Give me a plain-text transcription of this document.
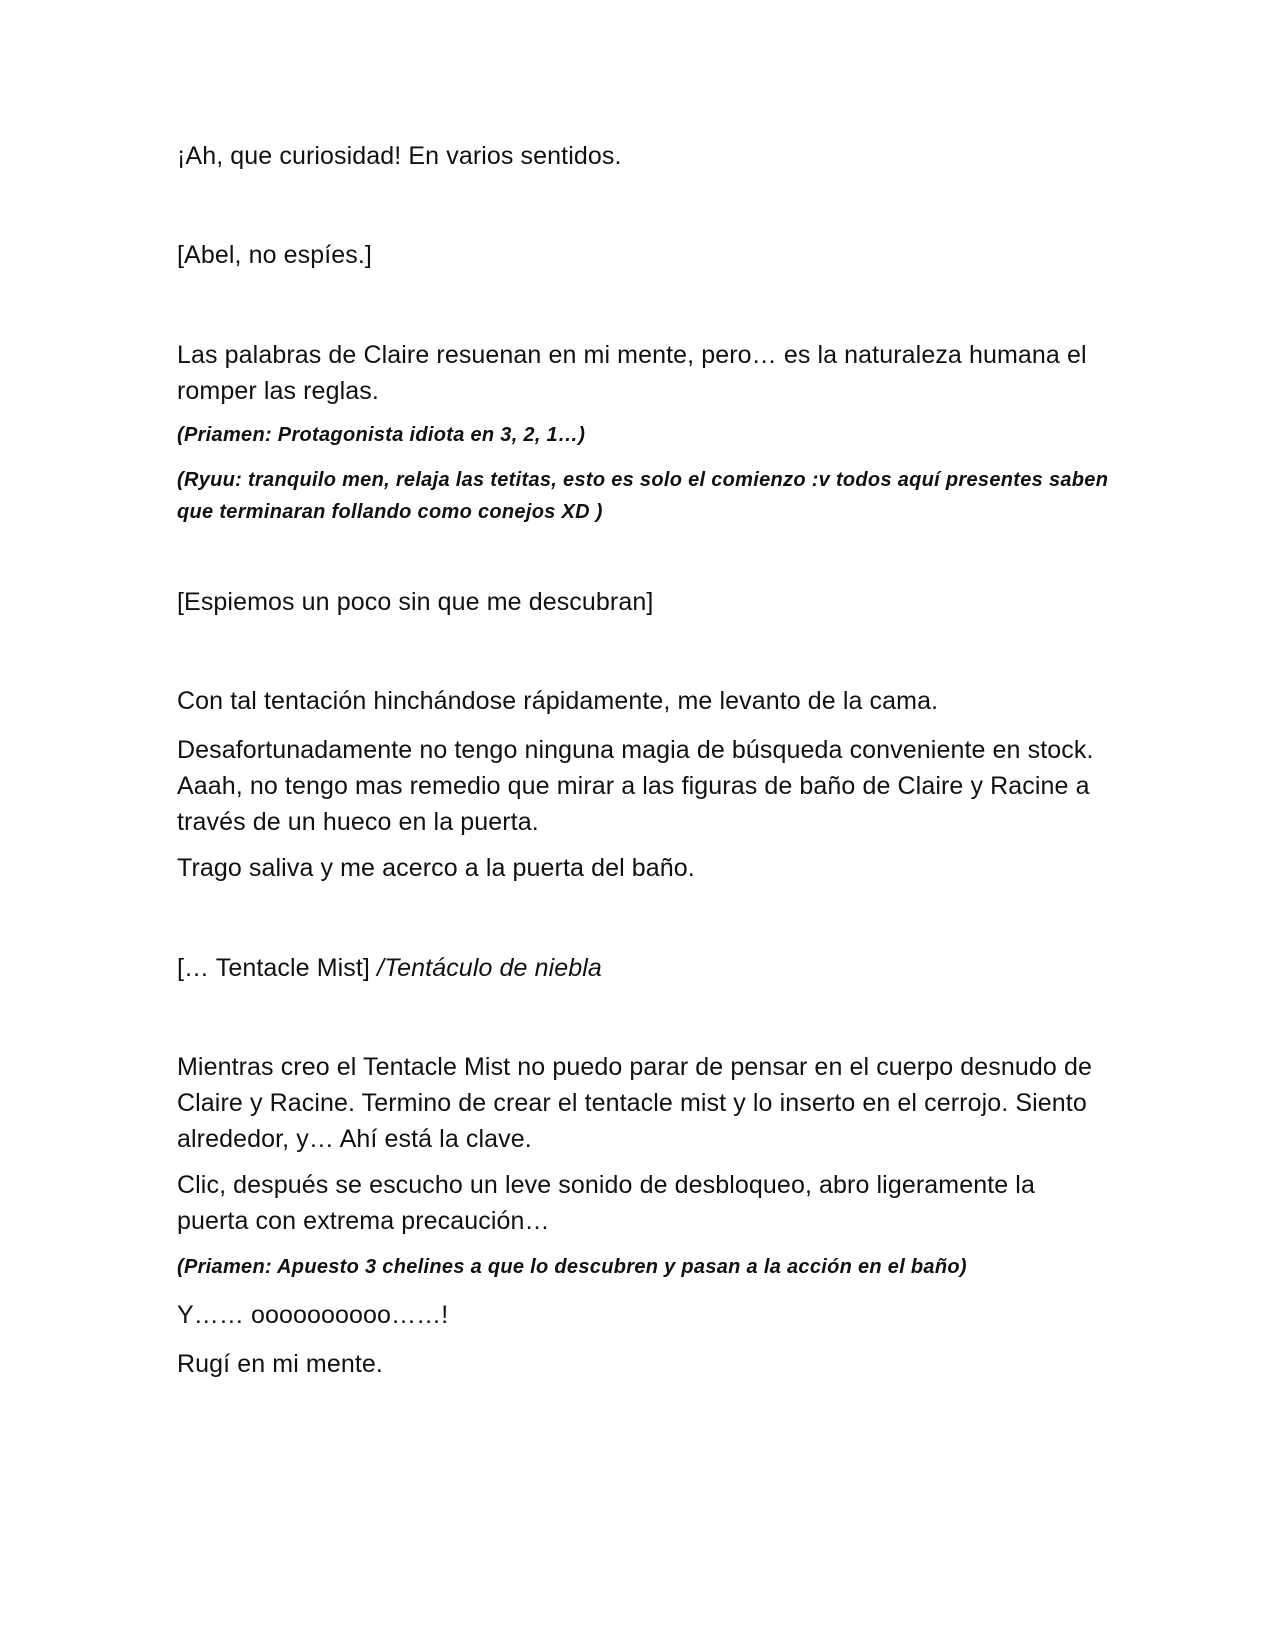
¡Ah, que curiosidad! En varios sentidos.

[Abel, no espíes.]

Las palabras de Claire resuenan en mi mente, pero… es la naturaleza humana el romper las reglas.

(Priamen: Protagonista idiota en 3, 2, 1…)

(Ryuu: tranquilo men, relaja las tetitas, esto es solo el comienzo :v todos aquí presentes saben que terminaran follando como conejos XD )

[Espiemos un poco sin que me descubran]

Con tal tentación hinchándose rápidamente, me levanto de la cama.

Desafortunadamente no tengo ninguna magia de búsqueda conveniente en stock. Aaah, no tengo mas remedio que mirar a las figuras de baño de Claire y Racine a través de un hueco en la puerta.

Trago saliva y me acerco a la puerta del baño.

[… Tentacle Mist] /Tentáculo de niebla

Mientras creo el Tentacle Mist no puedo parar de pensar en el cuerpo desnudo de Claire y Racine. Termino de crear el tentacle mist y lo inserto en el cerrojo. Siento alrededor, y… Ahí está la clave.

Clic, después se escucho un leve sonido de desbloqueo, abro ligeramente la puerta con extrema precaución…

(Priamen: Apuesto 3 chelines a que lo descubren y pasan a la acción en el baño)

Y…… oooooooooo……!

Rugí en mi mente.
